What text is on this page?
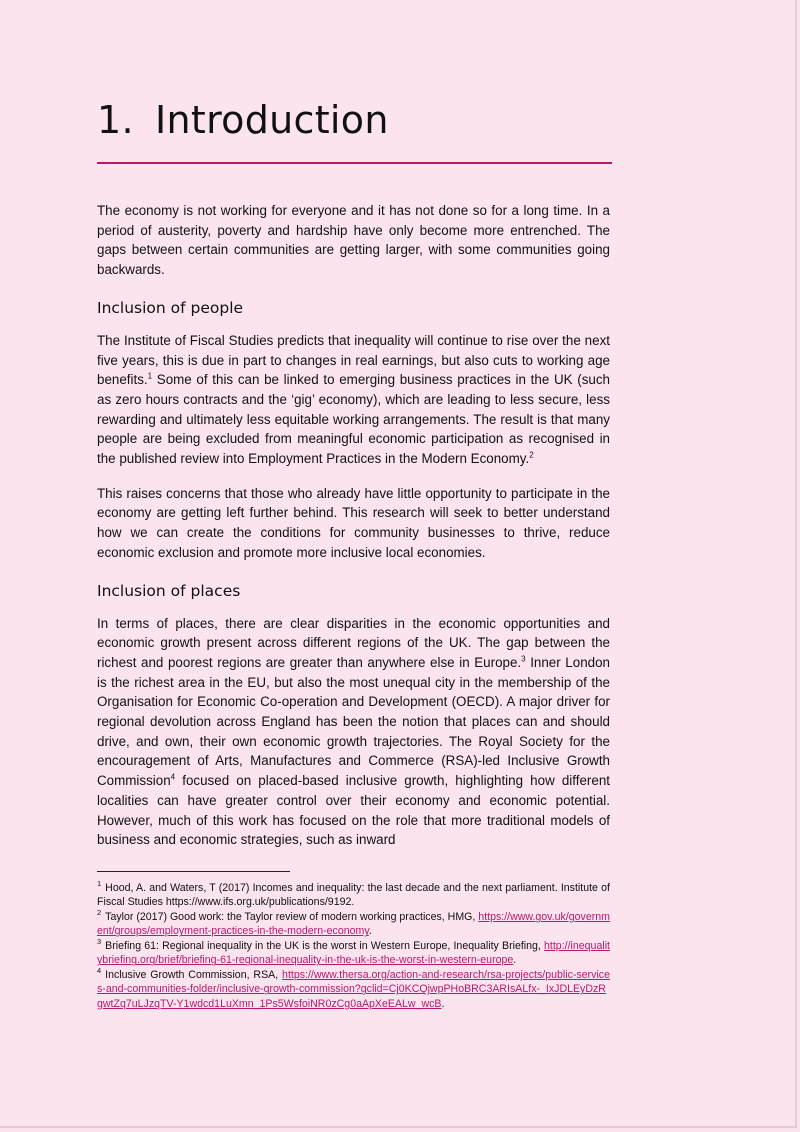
1. Introduction

The economy is not working for everyone and it has not done so for a long time. In a period of austerity, poverty and hardship have only become more entrenched. The gaps between certain communities are getting larger, with some communities going backwards.

Inclusion of people

The Institute of Fiscal Studies predicts that inequality will continue to rise over the next five years, this is due in part to changes in real earnings, but also cuts to working age benefits.$^1$ Some of this can be linked to emerging business practices in the UK (such as zero hours contracts and the ‘gig’ economy), which are leading to less secure, less rewarding and ultimately less equitable working arrangements. The result is that many people are being excluded from meaningful economic participation as recognised in the published review into Employment Practices in the Modern Economy.$^2$

This raises concerns that those who already have little opportunity to participate in the economy are getting left further behind. This research will seek to better understand how we can create the conditions for community businesses to thrive, reduce economic exclusion and promote more inclusive local economies.

Inclusion of places

In terms of places, there are clear disparities in the economic opportunities and economic growth present across different regions of the UK. The gap between the richest and poorest regions are greater than anywhere else in Europe.$^3$ Inner London is the richest area in the EU, but also the most unequal city in the membership of the Organisation for Economic Co-operation and Development (OECD). A major driver for regional devolution across England has been the notion that places can and should drive, and own, their own economic growth trajectories. The Royal Society for the encouragement of Arts, Manufactures and Commerce (RSA)-led Inclusive Growth Commission$^4$ focused on placed-based inclusive growth, highlighting how different localities can have greater control over their economy and economic potential. However, much of this work has focused on the role that more traditional models of business and economic strategies, such as inward

$^1$ Hood, A. and Waters, T (2017) Incomes and inequality: the last decade and the next parliament. Institute of Fiscal Studies https://www.ifs.org.uk/publications/9192.
$^2$ Taylor (2017) Good work: the Taylor review of modern working practices, HMG, https://www.gov.uk/government/groups/employment-practices-in-the-modern-economy.
$^3$ Briefing 61: Regional inequality in the UK is the worst in Western Europe, Inequality Briefing, http://inequalitybriefing.org/brief/briefing-61-regional-inequality-in-the-uk-is-the-worst-in-western-europe.
$^4$ Inclusive Growth Commission, RSA, https://www.thersa.org/action-and-research/rsa-projects/public-services-and-communities-folder/inclusive-growth-commission?gclid=Cj0KCQjwpPHoBRC3ARIsALfx-_IxJDLEyDzRgwtZq7uLJzqTV-Y1wdcd1LuXmn_1Ps5WsfoiNR0zCg0aApXeEALw_wcB.
